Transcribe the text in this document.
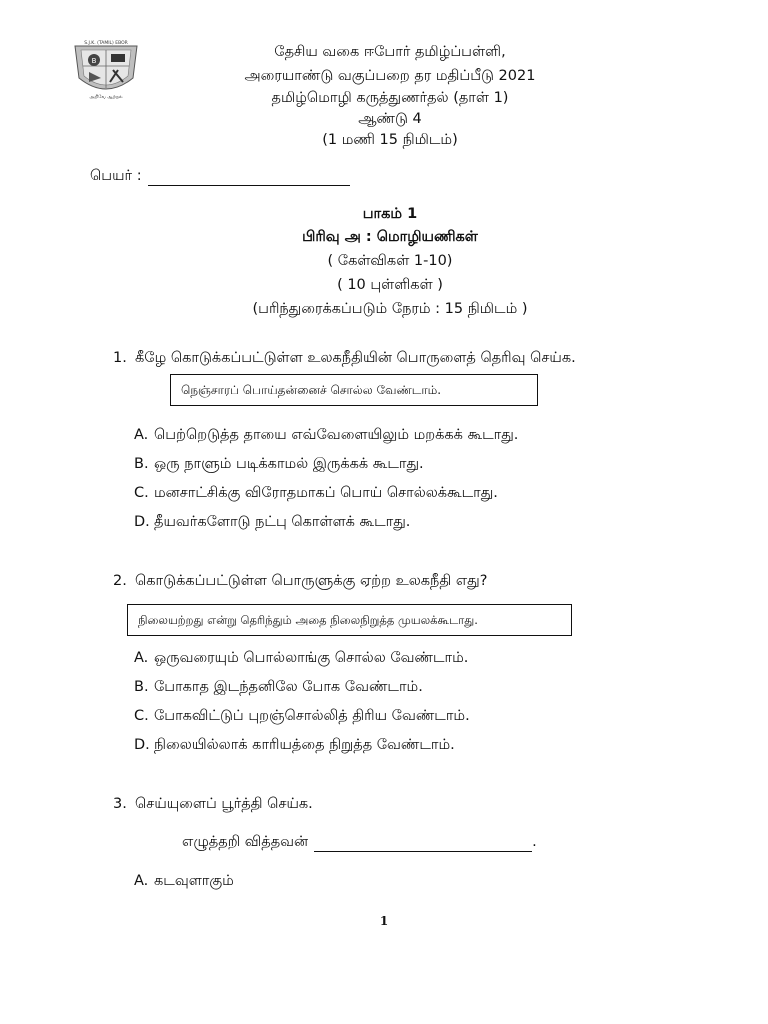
B
S.J.K. (TAMIL) EBOR
அறிவே ஆற்றல்
தேசிய வகை ஈபோர் தமிழ்ப்பள்ளி,
அரையாண்டு வகுப்பறை தர மதிப்பீடு 2021
தமிழ்மொழி கருத்துணர்தல் (தாள் 1)
ஆண்டு 4
(1 மணி 15 நிமிடம்)
பெயர் :
பாகம் 1
பிரிவு அ : மொழியணிகள்
( கேள்விகள் 1-10)
( 10 புள்ளிகள் )
(பரிந்துரைக்கப்படும் நேரம் : 15 நிமிடம் )
1. கீழே கொடுக்கப்பட்டுள்ள உலகநீதியின் பொருளைத் தெரிவு செய்க.
நெஞ்சாரப் பொய்தன்னைச் சொல்ல வேண்டாம்.
A. பெற்றெடுத்த தாயை எவ்வேளையிலும் மறக்கக் கூடாது.
B. ஒரு நாளும் படிக்காமல் இருக்கக் கூடாது.
C. மனசாட்சிக்கு விரோதமாகப் பொய் சொல்லக்கூடாது.
D. தீயவர்களோடு நட்பு கொள்ளக் கூடாது.
2. கொடுக்கப்பட்டுள்ள பொருளுக்கு ஏற்ற உலகநீதி எது?
நிலையற்றது என்று தெரிந்தும் அதை நிலைநிறுத்த முயலக்கூடாது.
A. ஒருவரையும் பொல்லாங்கு சொல்ல வேண்டாம்.
B. போகாத இடந்தனிலே போக வேண்டாம்.
C. போகவிட்டுப் புறஞ்சொல்லித் திரிய வேண்டாம்.
D. நிலையில்லாக் காரியத்தை நிறுத்த வேண்டாம்.
3. செய்யுளைப் பூர்த்தி செய்க.
எழுத்தறி வித்தவன்	.
A. கடவுளாகும்
1
